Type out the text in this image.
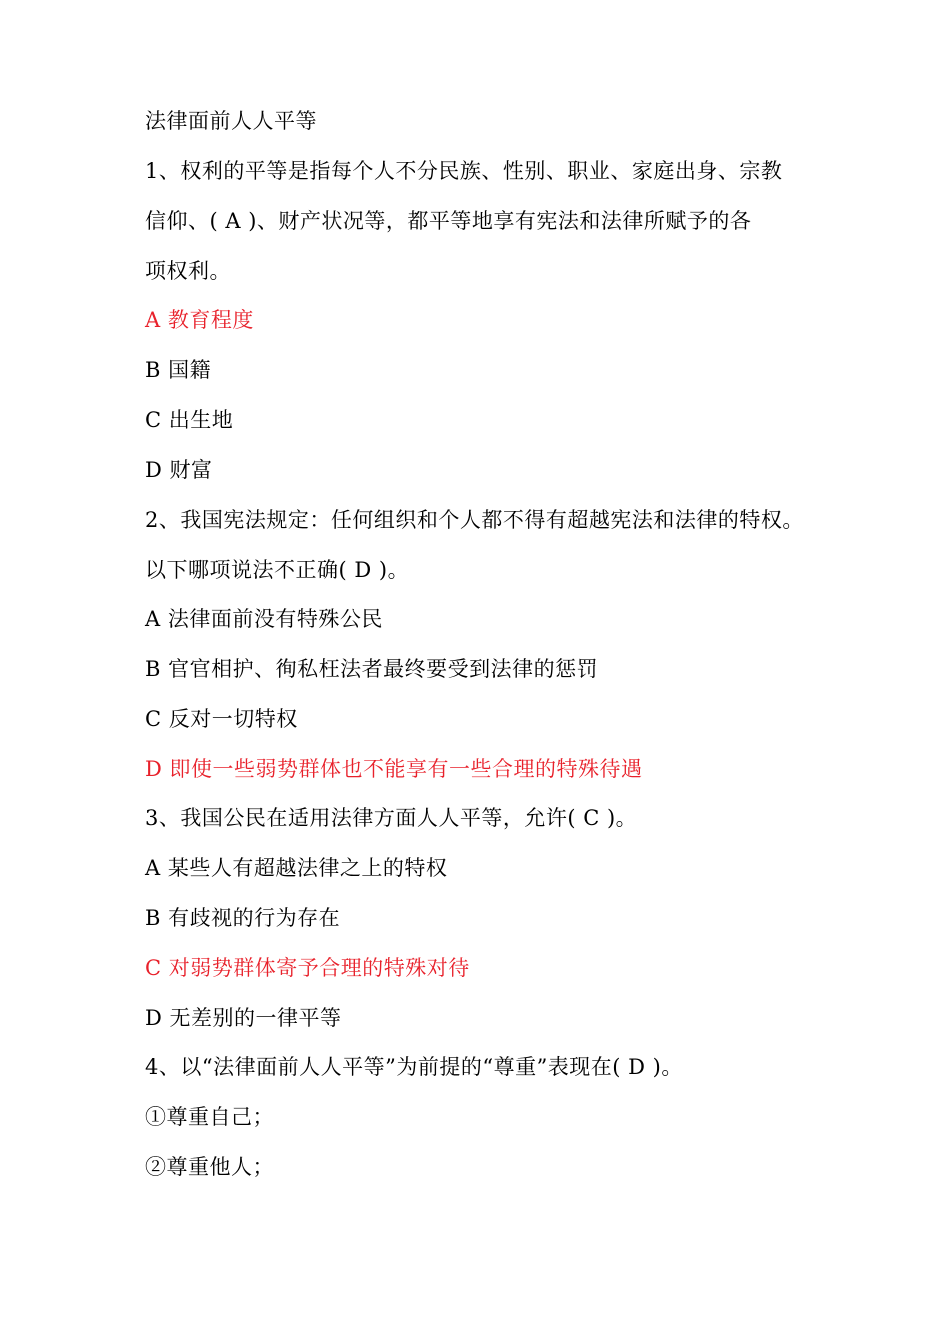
法律面前人人平等
1、权利的平等是指每个人不分民族、性别、职业、家庭出身、宗教
信仰、( A )、财产状况等，都平等地享有宪法和法律所赋予的各
项权利。
A 教育程度
B 国籍
C 出生地
D 财富
2、我国宪法规定：任何组织和个人都不得有超越宪法和法律的特权。
以下哪项说法不正确( D )。
A 法律面前没有特殊公民
B 官官相护、徇私枉法者最终要受到法律的惩罚
C 反对一切特权
D 即使一些弱势群体也不能享有一些合理的特殊待遇
3、我国公民在适用法律方面人人平等，允许( C )。
A 某些人有超越法律之上的特权
B 有歧视的行为存在
C 对弱势群体寄予合理的特殊对待
D 无差别的一律平等
4、以“法律面前人人平等”为前提的“尊重”表现在( D )。
①尊重自己；
②尊重他人；
